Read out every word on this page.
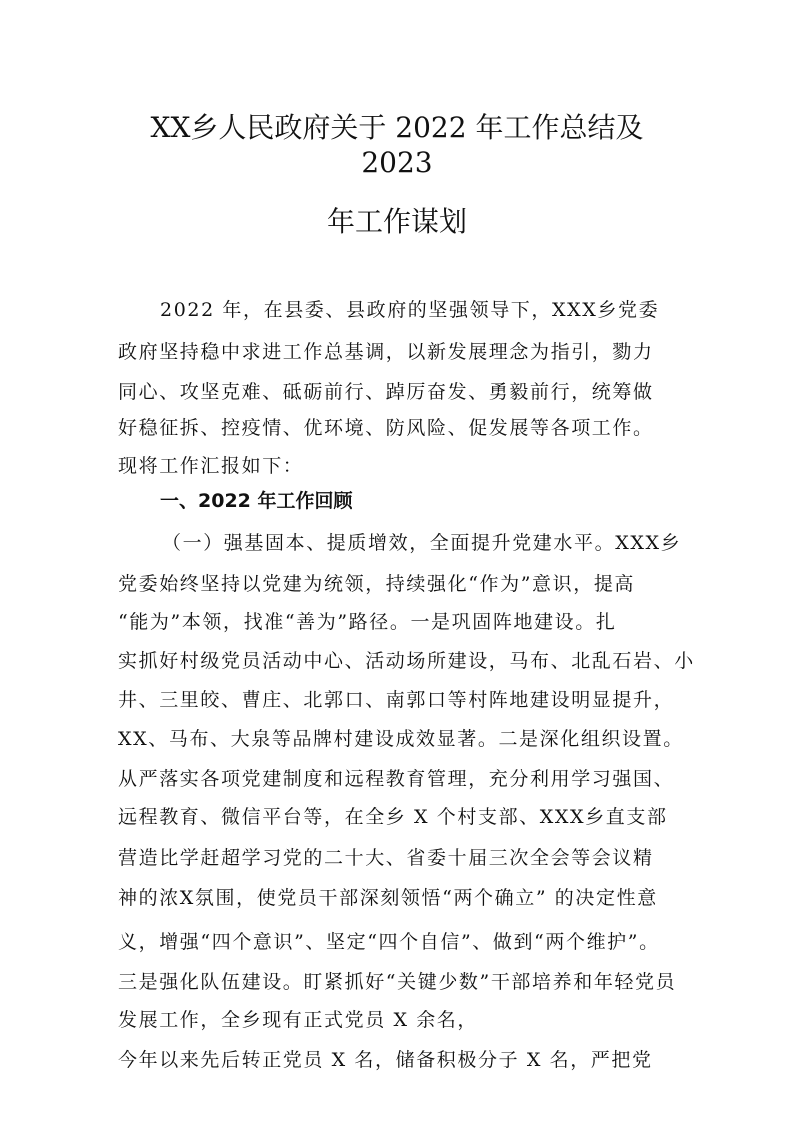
XX乡人民政府关于 2022 年工作总结及
2023
年工作谋划
2022 年，在县委、县政府的坚强领导下，XXX乡党委
政府坚持稳中求进工作总基调，以新发展理念为指引，勠力
同心、攻坚克难、砥砺前行、踔厉奋发、勇毅前行，统筹做
好稳征拆、控疫情、优环境、防风险、促发展等各项工作。
现将工作汇报如下：
一、2022 年工作回顾
（一）强基固本、提质增效，全面提升党建水平。XXX乡
党委始终坚持以党建为统领，持续强化“作为”意识，提高
“能为”本领，找准“善为”路径。一是巩固阵地建设。扎
实抓好村级党员活动中心、活动场所建设，马布、北乱石岩、小
井、三里皎、曹庄、北郭口、南郭口等村阵地建设明显提升，
XX、马布、大泉等品牌村建设成效显著。二是深化组织设置。
从严落实各项党建制度和远程教育管理，充分利用学习强国、
远程教育、微信平台等，在全乡 X 个村支部、XXX乡直支部
营造比学赶超学习党的二十大、省委十届三次全会等会议精
神的浓X氛围，使党员干部深刻领悟“两个确立” 的决定性意
义，增强“四个意识”、坚定“四个自信”、做到“两个维护”。
三是强化队伍建设。盯紧抓好“关键少数”干部培养和年轻党员
发展工作，全乡现有正式党员 X 余名，
今年以来先后转正党员 X 名，储备积极分子 X 名，严把党
